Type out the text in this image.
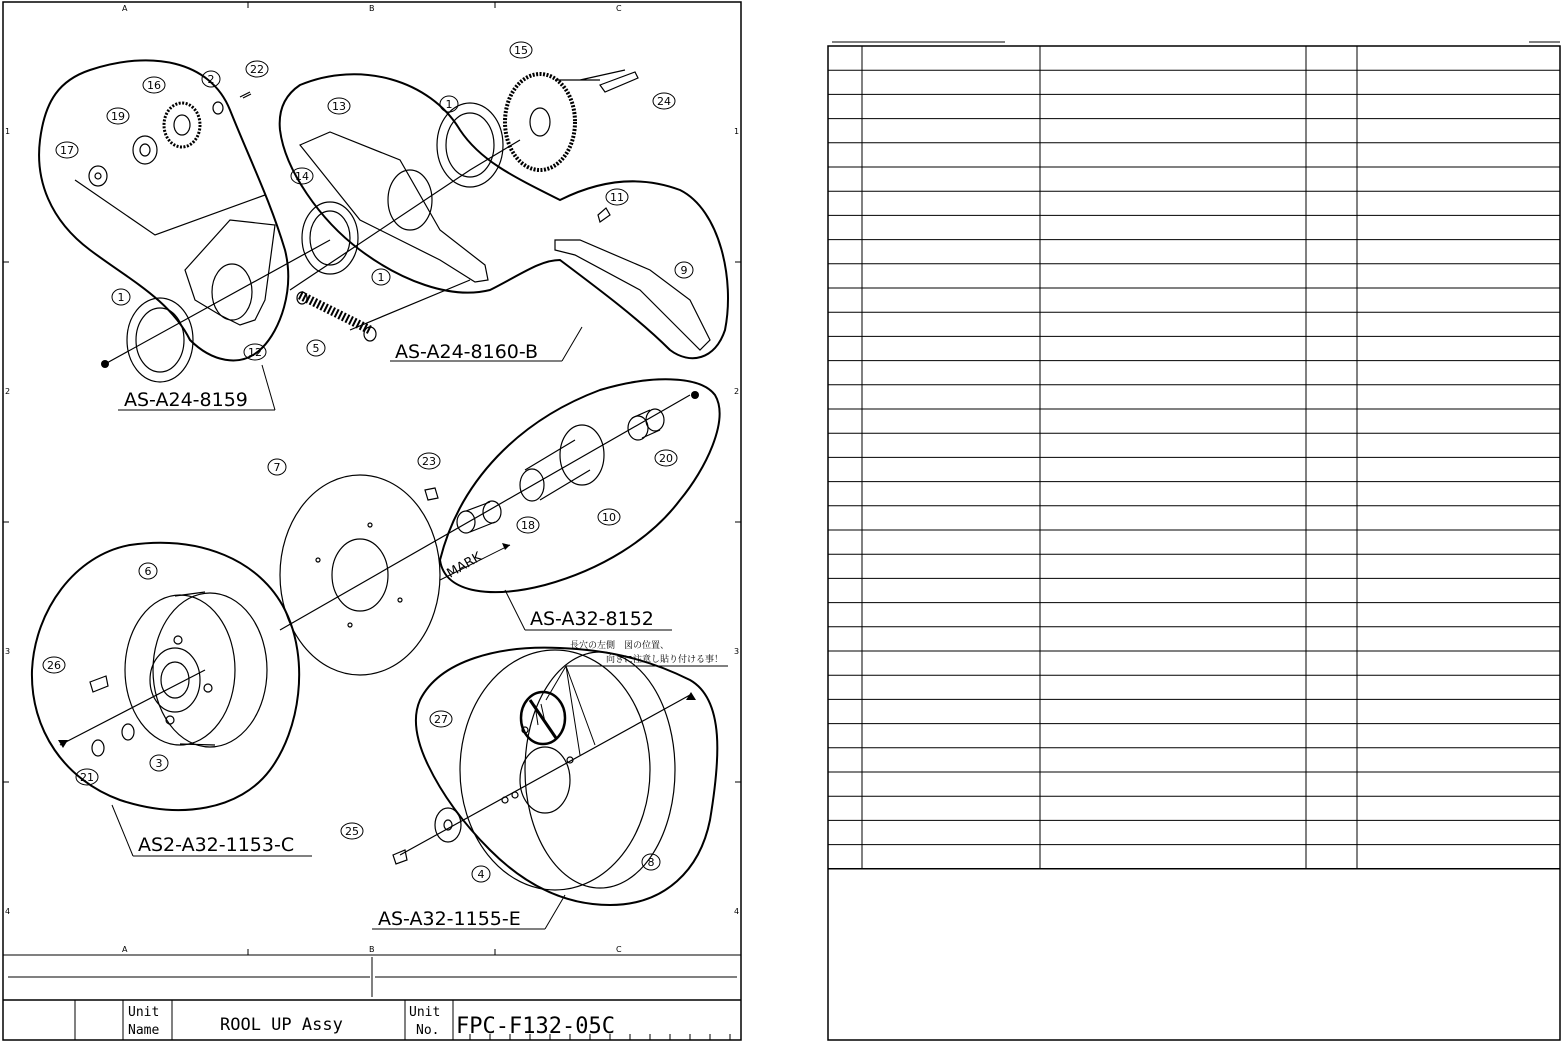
A	B	C
A	B	C
1
2
3
4
1
2
3
4
1
2
3
4
5
6
7
8
9
10
11
12
13
14
15
16
17
18
19
20
21
22
23
24
25
26
27
1
1
AS-A24-8159
AS-A24-8160-B
AS-A32-8152
AS2-A32-1153-C
AS-A32-1155-E
MARK
長穴の左側　図の位置、
向きに注意し貼り付ける事！
Unit
Name	ROOL UP Assy
Unit
No. FPC-F132-05C
